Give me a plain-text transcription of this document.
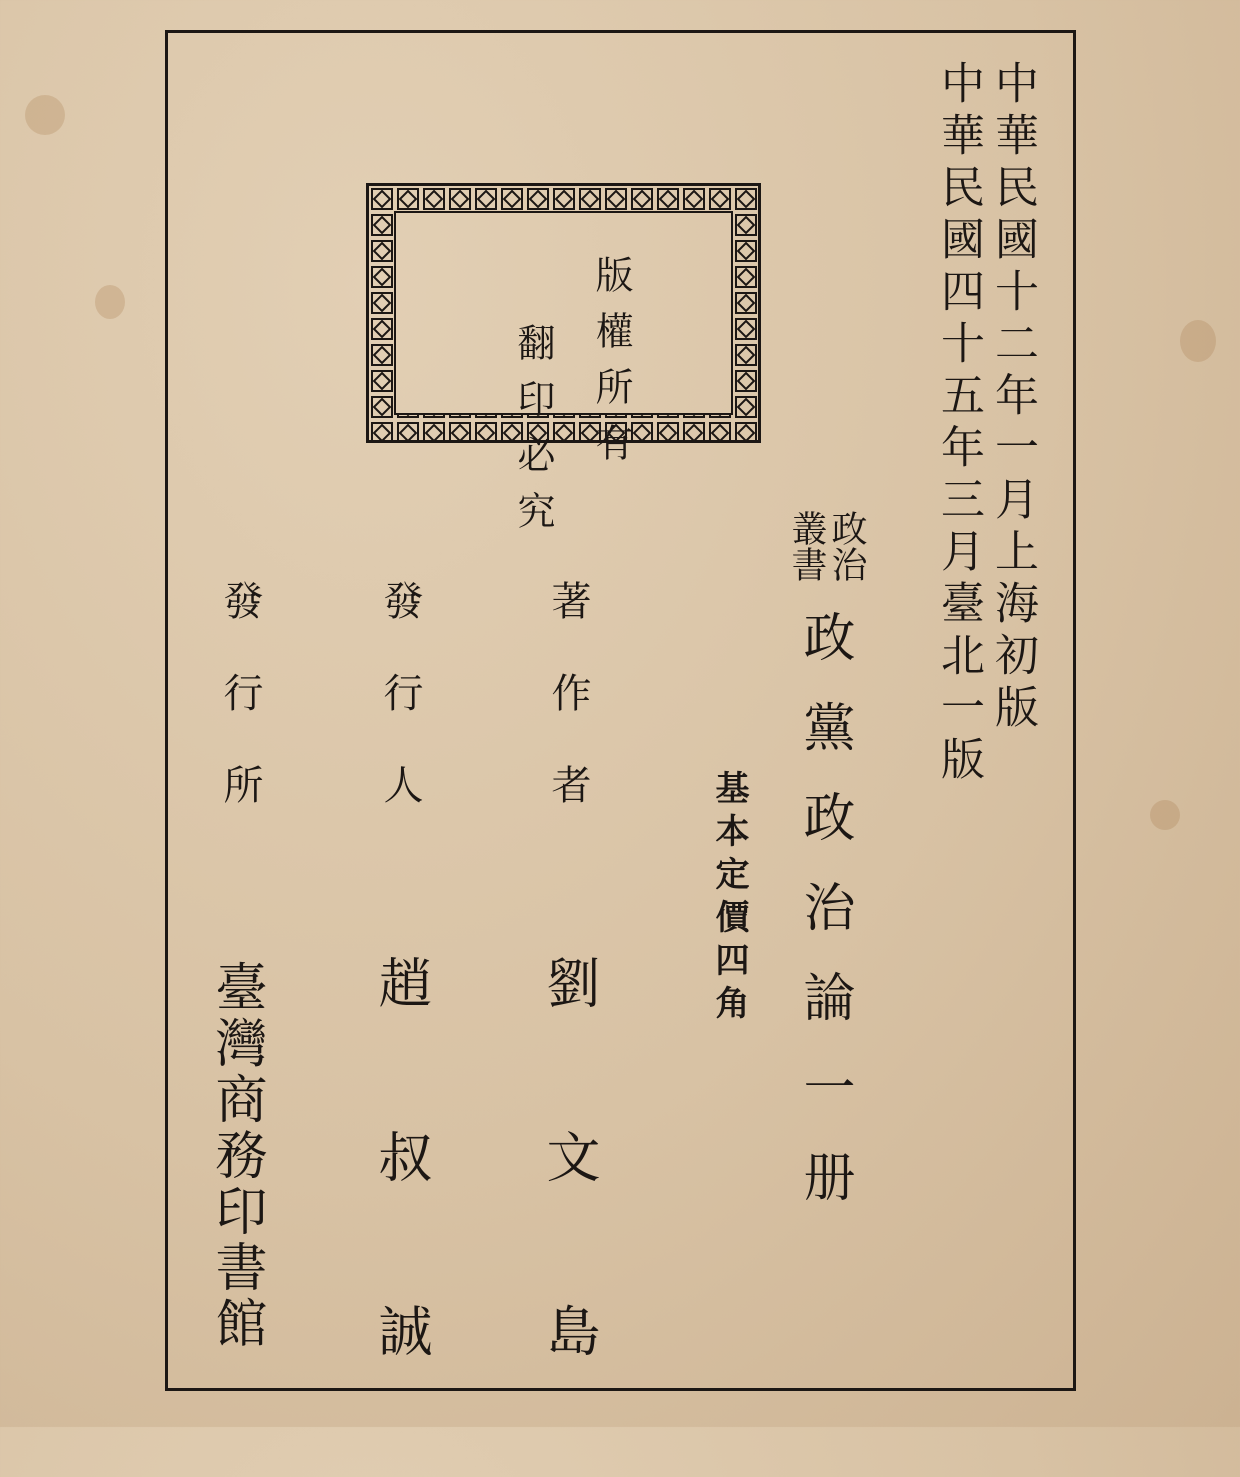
中華民國十二年一月上海初版
中華民國四十五年三月臺北一版
版權所有
翻印必究	政治
叢書
政黨政治論一册
基本定價四角
著作者
劉文島
發行人
趙叔誠
發行所
臺灣商務印書館
